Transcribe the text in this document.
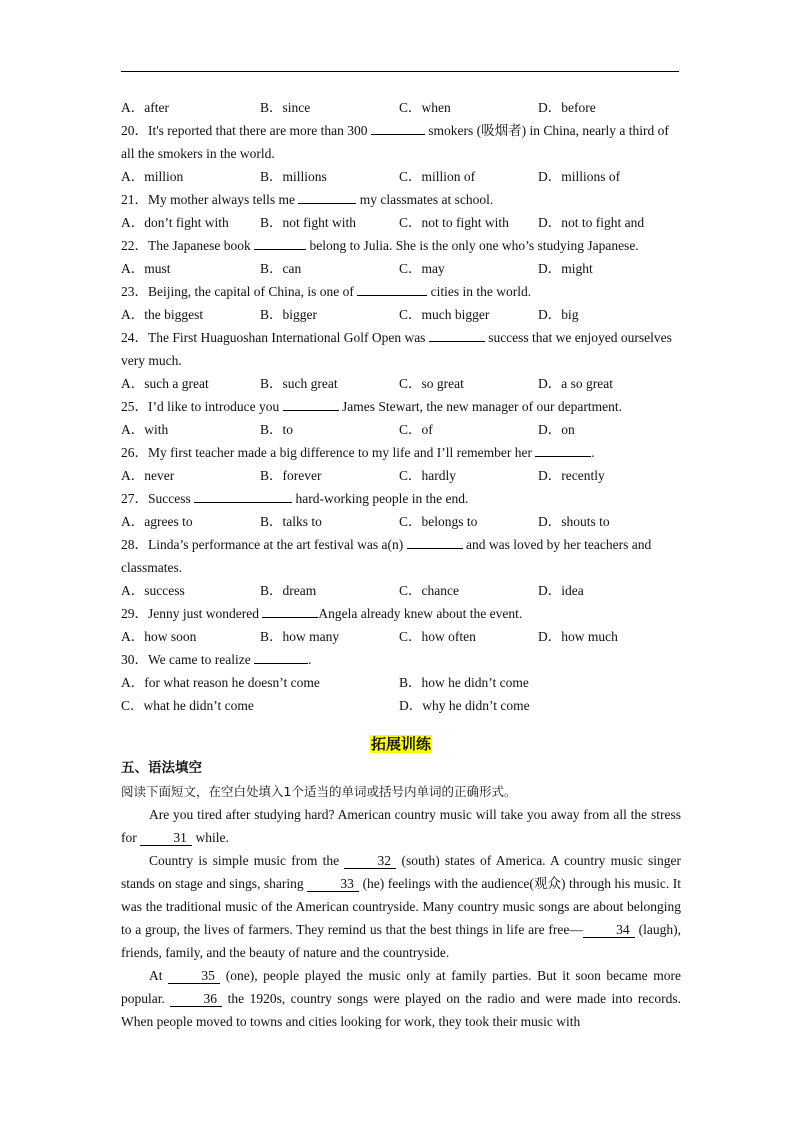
A．after	B．since	C．when	D．before
20．It's reported that there are more than 300	smokers (吸烟者) in China, nearly a third of all the smokers in the world.
A．million	B．millions	C．million of	D．millions of
21．My mother always tells me	my classmates at school.
A．don’t fight with	B．not fight with	C．not to fight with	D．not to fight and
22．The Japanese book	belong to Julia. She is the only one who’s studying Japanese.
A．must	B．can	C．may	D．might
23．Beijing, the capital of China, is one of	cities in the world.
A．the biggest	B．bigger	C．much bigger	D．big
24．The First Huaguoshan International Golf Open was	success that we enjoyed ourselves very much.
A．such a great	B．such great	C．so great	D．a so great
25．I’d like to introduce you	James Stewart, the new manager of our department.
A．with	B．to	C．of	D．on
26．My first teacher made a big difference to my life and I’ll remember her	.
A．never	B．forever	C．hardly	D．recently
27．Success	hard-working people in the end.
A．agrees to	B．talks to	C．belongs to	D．shouts to
28．Linda’s performance at the art festival was a(n)	and was loved by her teachers and classmates.
A．success	B．dream	C．chance	D．idea
29．Jenny just wondered	Angela already knew about the event.
A．how soon	B．how many	C．how often	D．how much
30．We came to realize	.
A．for what reason he doesn’t come	B．how he didn’t come
C．what he didn’t come	D．why he didn’t come
拓展训练
五、语法填空
阅读下面短文，在空白处填入1个适当的单词或括号内单词的正确形式。
Are you tired after studying hard? American country music will take you away from all the stress for 31 while.
Country is simple music from the 32 (south) states of America. A country music singer stands on stage and sings, sharing 33 (he) feelings with the audience(观众) through his music. It was the traditional music of the American countryside. Many country music songs are about belonging to a group, the lives of farmers. They remind us that the best things in life are free— 34 (laugh), friends, family, and the beauty of nature and the countryside.
At 35 (one), people played the music only at family parties. But it soon became more popular. 36 the 1920s, country songs were played on the radio and were made into records. When people moved to towns and cities looking for work, they took their music with
